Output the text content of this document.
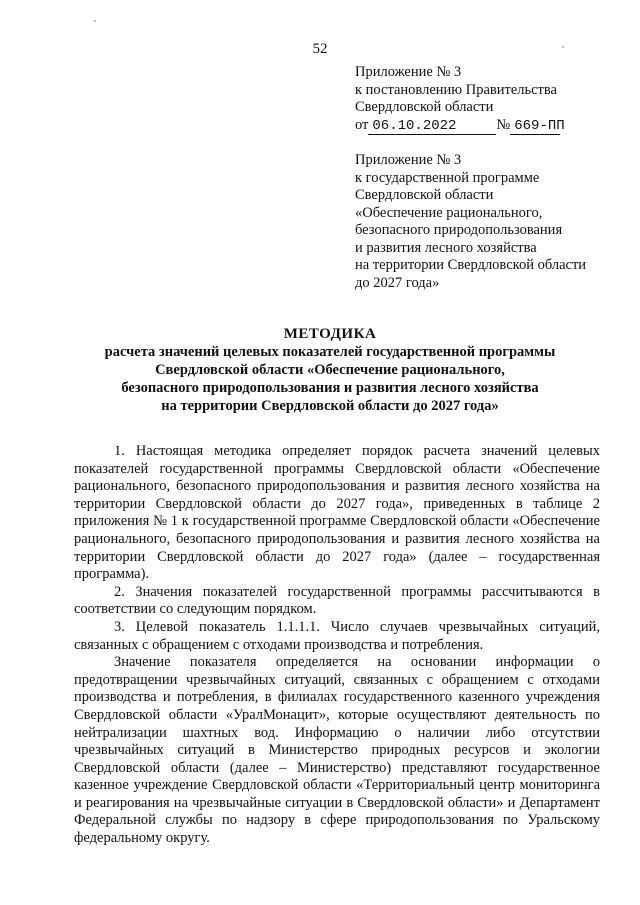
52
Приложение № 3
к постановлению Правительства
Свердловской области
от 06.10.2022	№ 669-ПП
Приложение № 3
к государственной программе
Свердловской области
«Обеспечение рационального,
безопасного природопользования
и развития лесного хозяйства
на территории Свердловской области
до 2027 года»
МЕТОДИКА
расчета значений целевых показателей государственной программы
Свердловской области «Обеспечение рационального,
безопасного природопользования и развития лесного хозяйства
на территории Свердловской области до 2027 года»

1. Настоящая методика определяет порядок расчета значений целевых показателей государственной программы Свердловской области «Обеспечение рационального, безопасного природопользования и развития лесного хозяйства на территории Свердловской области до 2027 года», приведенных в таблице 2 приложения № 1 к государственной программе Свердловской области «Обеспечение рационального, безопасного природопользования и развития лесного хозяйства на территории Свердловской области до 2027 года» (далее – государственная программа).

2. Значения показателей государственной программы рассчитываются в соответствии со следующим порядком.

3. Целевой показатель 1.1.1.1. Число случаев чрезвычайных ситуаций, связанных с обращением с отходами производства и потребления.

Значение показателя определяется на основании информации о предотвращении чрезвычайных ситуаций, связанных с обращением с отходами производства и потребления, в филиалах государственного казенного учреждения Свердловской области «УралМонацит», которые осуществляют деятельность по нейтрализации шахтных вод. Информацию о наличии либо отсутствии чрезвычайных ситуаций в Министерство природных ресурсов и экологии Свердловской области (далее – Министерство) представляют государственное казенное учреждение Свердловской области «Территориальный центр мониторинга и реагирования на чрезвычайные ситуации в Свердловской области» и Департамент Федеральной службы по надзору в сфере природопользования по Уральскому федеральному округу.
